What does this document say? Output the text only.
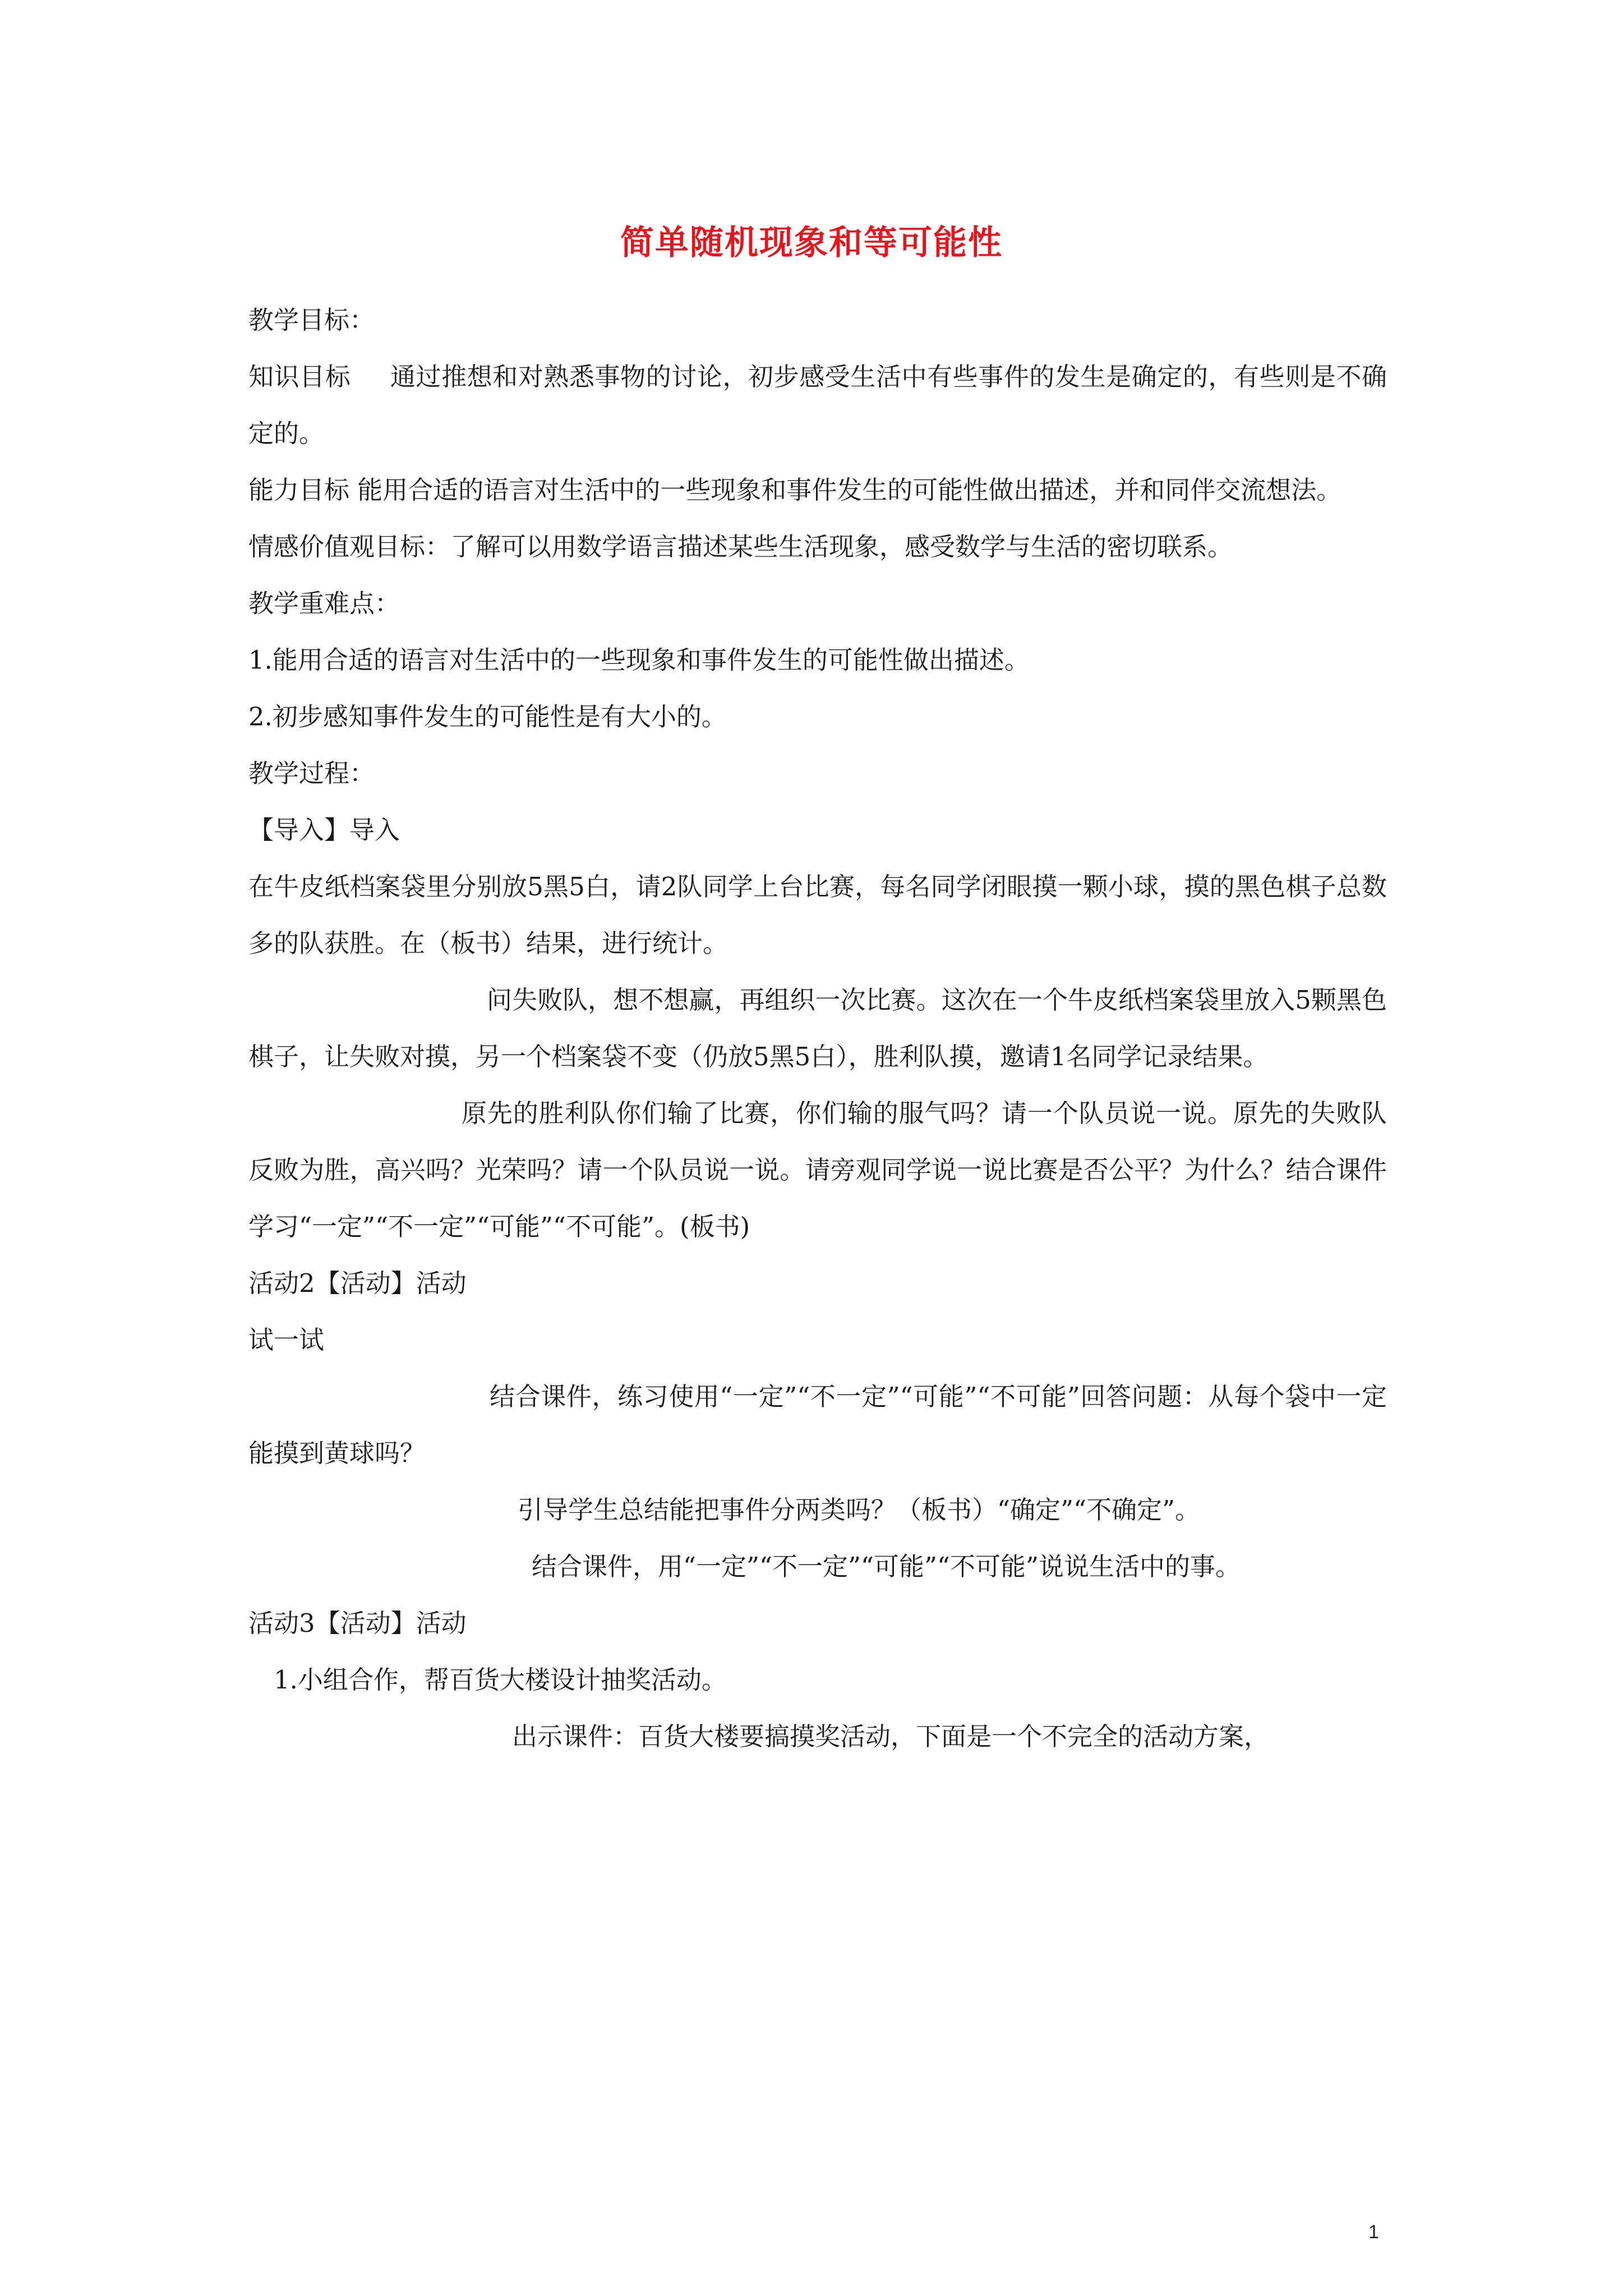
简单随机现象和等可能性

教学目标：

知识目标 通过推想和对熟悉事物的讨论，初步感受生活中有些事件的发生是确定的，有些则是不确定的。

能力目标 能用合适的语言对生活中的一些现象和事件发生的可能性做出描述，并和同伴交流想法。

情感价值观目标：了解可以用数学语言描述某些生活现象，感受数学与生活的密切联系。

教学重难点：

1.能用合适的语言对生活中的一些现象和事件发生的可能性做出描述。

2.初步感知事件发生的可能性是有大小的。

教学过程：

【导入】导入

在牛皮纸档案袋里分别放5黑5白，请2队同学上台比赛，每名同学闭眼摸一颗小球，摸的黑色棋子总数多的队获胜。在（板书）结果，进行统计。

问失败队，想不想赢，再组织一次比赛。这次在一个牛皮纸档案袋里放入5颗黑色棋子，让失败对摸，另一个档案袋不变（仍放5黑5白），胜利队摸，邀请1名同学记录结果。

原先的胜利队你们输了比赛，你们输的服气吗？请一个队员说一说。原先的失败队反败为胜，高兴吗？光荣吗？请一个队员说一说。请旁观同学说一说比赛是否公平？为什么？结合课件学习“一定”“不一定”“可能”“不可能”。(板书)

活动2【活动】活动

试一试

结合课件，练习使用“一定”“不一定”“可能”“不可能”回答问题：从每个袋中一定能摸到黄球吗？

引导学生总结能把事件分两类吗？（板书）“确定”“不确定”。

结合课件，用“一定”“不一定”“可能”“不可能”说说生活中的事。

活动3【活动】活动

1.小组合作，帮百货大楼设计抽奖活动。

出示课件：百货大楼要搞摸奖活动，下面是一个不完全的活动方案，

1
